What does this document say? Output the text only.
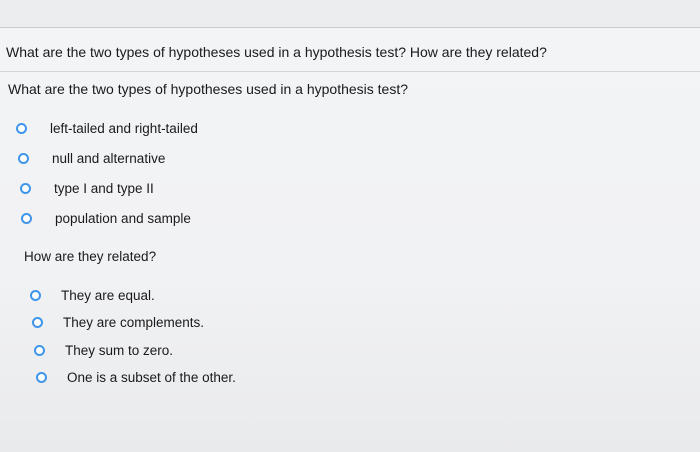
What are the two types of hypotheses used in a hypothesis test? How are they related?
What are the two types of hypotheses used in a hypothesis test?
left-tailed and right-tailed
null and alternative
type I and type II
population and sample
How are they related?
They are equal.
They are complements.
They sum to zero.
One is a subset of the other.
